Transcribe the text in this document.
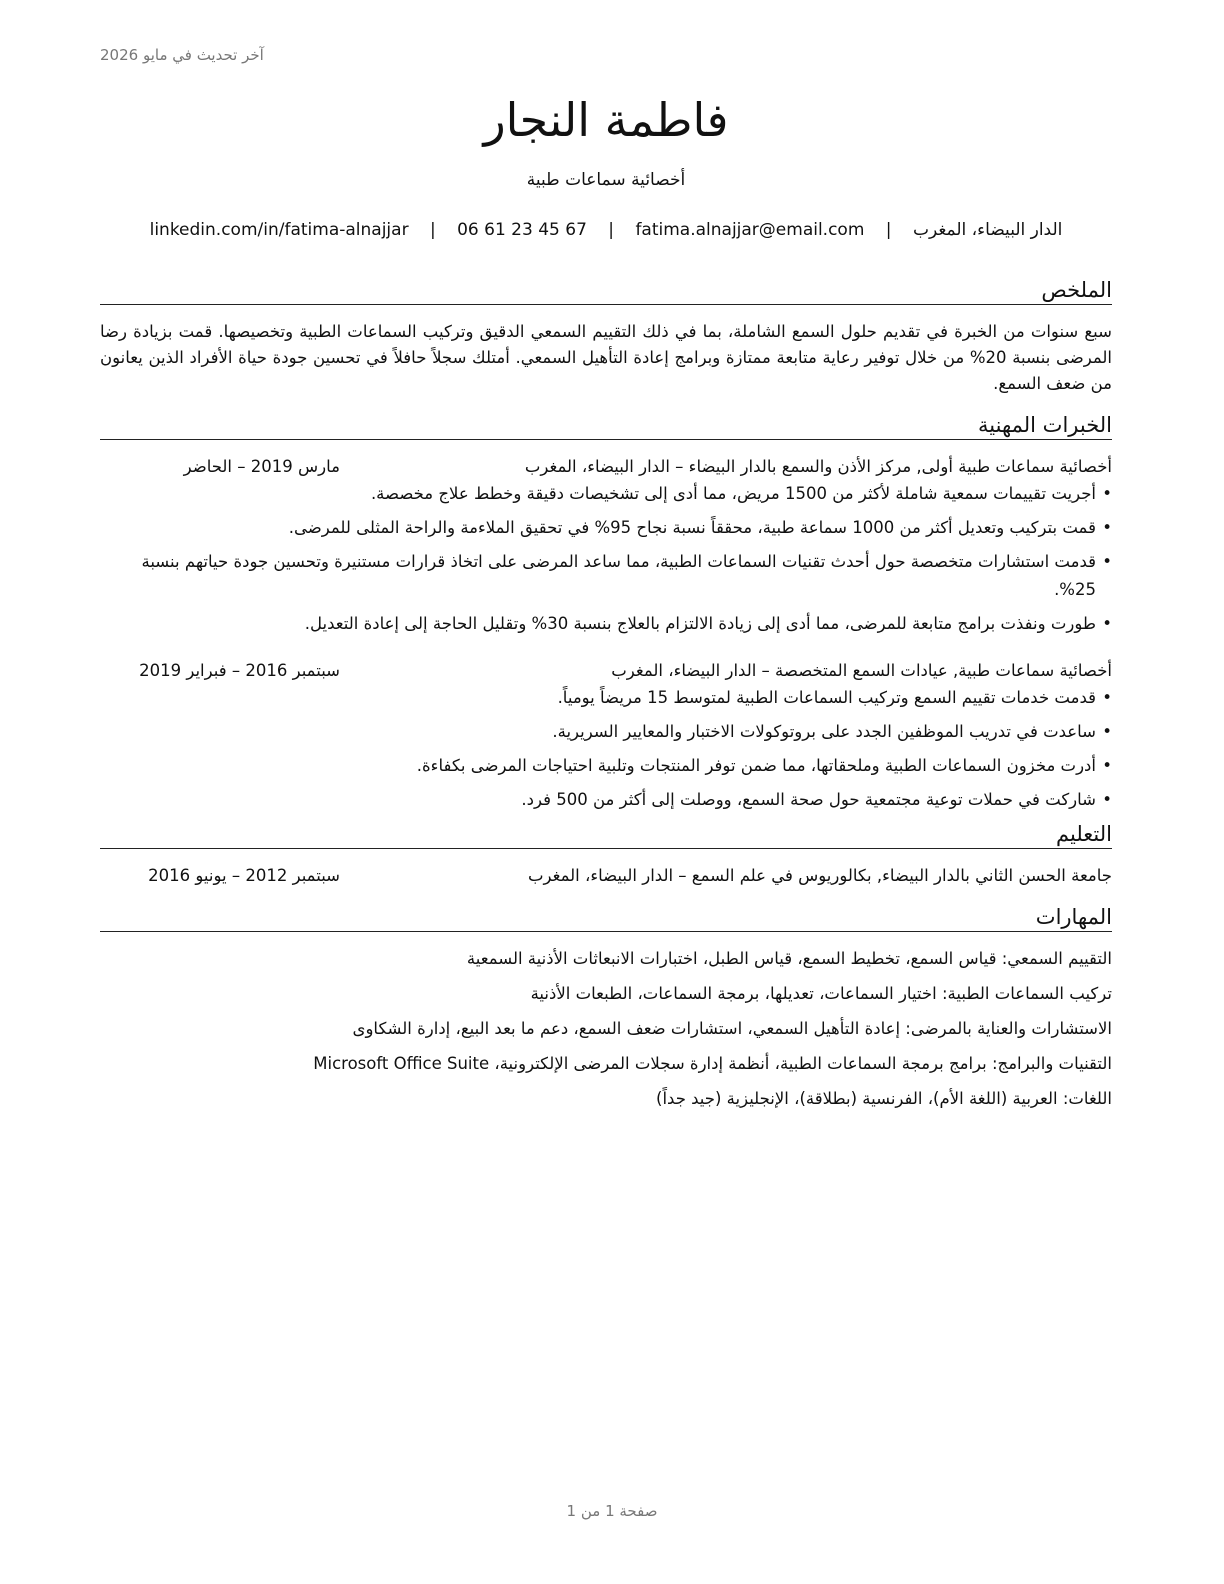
آخر تحديث في مايو 2026
فاطمة النجار
أخصائية سماعات طبية
الدار البيضاء، المغرب | fatima.alnajjar@email.com | 06 61 23 45 67 | linkedin.com/in/fatima-alnajjar
الملخص

سبع سنوات من الخبرة في تقديم حلول السمع الشاملة، بما في ذلك التقييم السمعي الدقيق وتركيب السماعات الطبية وتخصيصها. قمت بزيادة رضا المرضى بنسبة 20% من خلال توفير رعاية متابعة ممتازة وبرامج إعادة التأهيل السمعي. أمتلك سجلاً حافلاً في تحسين جودة حياة الأفراد الذين يعانون من ضعف السمع.

الخبرات المهنية
أخصائية سماعات طبية أولى, مركز الأذن والسمع بالدار البيضاء – الدار البيضاء، المغرب
مارس 2019 – الحاضر
• أجريت تقييمات سمعية شاملة لأكثر من 1500 مريض، مما أدى إلى تشخيصات دقيقة وخطط علاج مخصصة.
• قمت بتركيب وتعديل أكثر من 1000 سماعة طبية، محققاً نسبة نجاح 95% في تحقيق الملاءمة والراحة المثلى للمرضى.
• قدمت استشارات متخصصة حول أحدث تقنيات السماعات الطبية، مما ساعد المرضى على اتخاذ قرارات مستنيرة وتحسين جودة حياتهم بنسبة 25%.
• طورت ونفذت برامج متابعة للمرضى، مما أدى إلى زيادة الالتزام بالعلاج بنسبة 30% وتقليل الحاجة إلى إعادة التعديل.
أخصائية سماعات طبية, عيادات السمع المتخصصة – الدار البيضاء، المغرب
سبتمبر 2016 – فبراير 2019
• قدمت خدمات تقييم السمع وتركيب السماعات الطبية لمتوسط 15 مريضاً يومياً.
• ساعدت في تدريب الموظفين الجدد على بروتوكولات الاختبار والمعايير السريرية.
• أدرت مخزون السماعات الطبية وملحقاتها، مما ضمن توفر المنتجات وتلبية احتياجات المرضى بكفاءة.
• شاركت في حملات توعية مجتمعية حول صحة السمع، ووصلت إلى أكثر من 500 فرد.
التعليم
جامعة الحسن الثاني بالدار البيضاء, بكالوريوس في علم السمع – الدار البيضاء، المغرب
سبتمبر 2012 – يونيو 2016
المهارات

التقييم السمعي: قياس السمع، تخطيط السمع، قياس الطبل، اختبارات الانبعاثات الأذنية السمعية

تركيب السماعات الطبية: اختيار السماعات، تعديلها، برمجة السماعات، الطبعات الأذنية

الاستشارات والعناية بالمرضى: إعادة التأهيل السمعي، استشارات ضعف السمع، دعم ما بعد البيع، إدارة الشكاوى

التقنيات والبرامج: برامج برمجة السماعات الطبية، أنظمة إدارة سجلات المرضى الإلكترونية، Microsoft Office Suite

اللغات: العربية (اللغة الأم)، الفرنسية (بطلاقة)، الإنجليزية (جيد جداً)

صفحة 1 من 1
